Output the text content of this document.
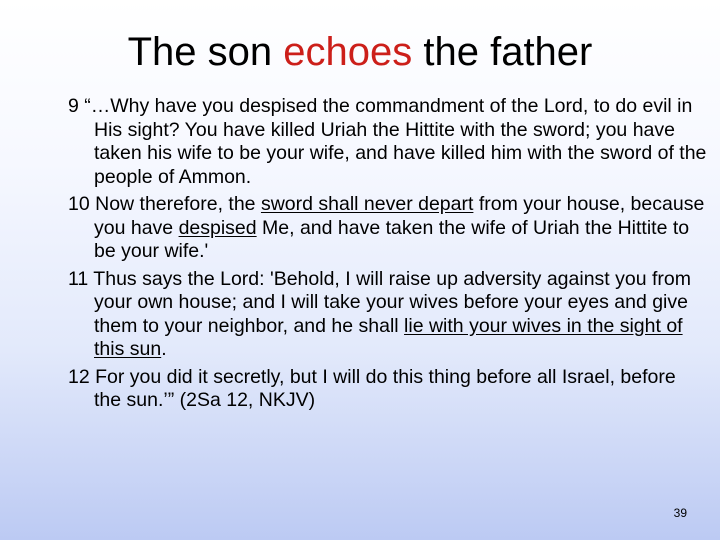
The son echoes the father

9 “…Why have you despised the commandment of the Lord, to do evil in His sight? You have killed Uriah the Hittite with the sword; you have taken his wife to be your wife, and have killed him with the sword of the people of Ammon.

10 Now therefore, the sword shall never depart from your house, because you have despised Me, and have taken the wife of Uriah the Hittite to be your wife.'

11 Thus says the Lord: 'Behold, I will raise up adversity against you from your own house; and I will take your wives before your eyes and give them to your neighbor, and he shall lie with your wives in the sight of this sun.

12 For you did it secretly, but I will do this thing before all Israel, before the sun.’” (2Sa 12, NKJV)

39
